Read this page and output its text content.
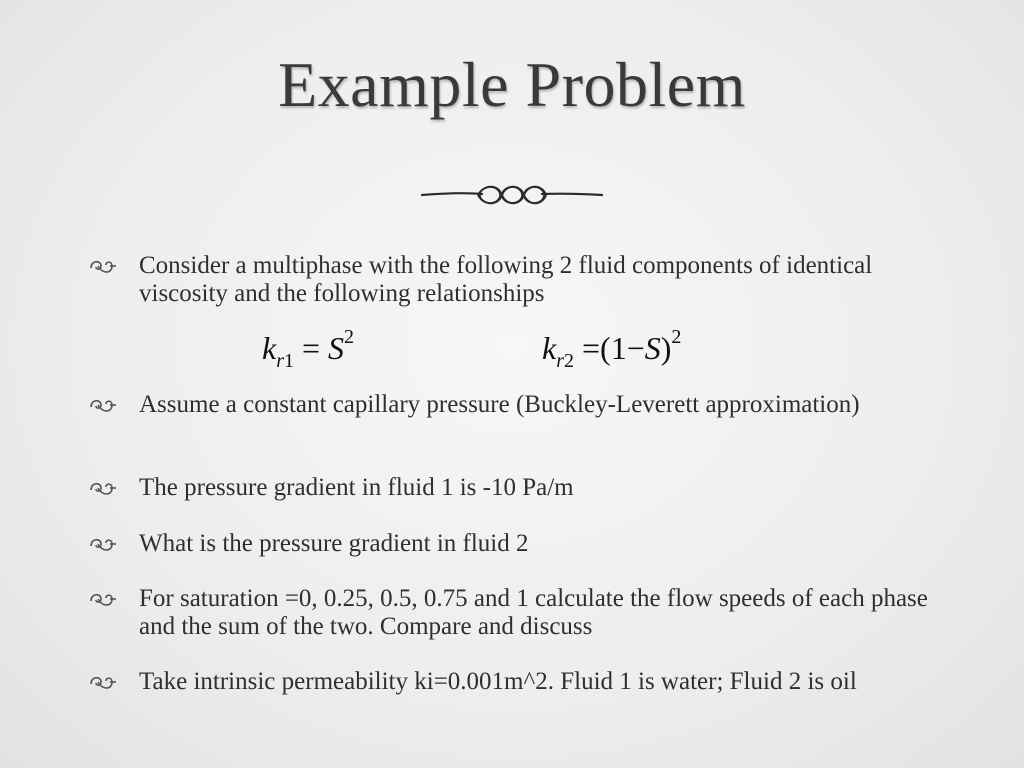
Example Problem
Consider a multiphase with the following 2 fluid components of identical viscosity and the following relationships
$k_{r1} = S^2$	$k_{r2} =(1-S)^2$
Assume a constant capillary pressure (Buckley-Leverett approximation)
The pressure gradient in fluid 1 is -10 Pa/m
What is the pressure gradient in fluid 2
For saturation =0, 0.25, 0.5, 0.75 and 1 calculate the flow speeds of each phase and the sum of the two. Compare and discuss
Take intrinsic permeability ki=0.001m^2. Fluid 1 is water; Fluid 2 is oil
